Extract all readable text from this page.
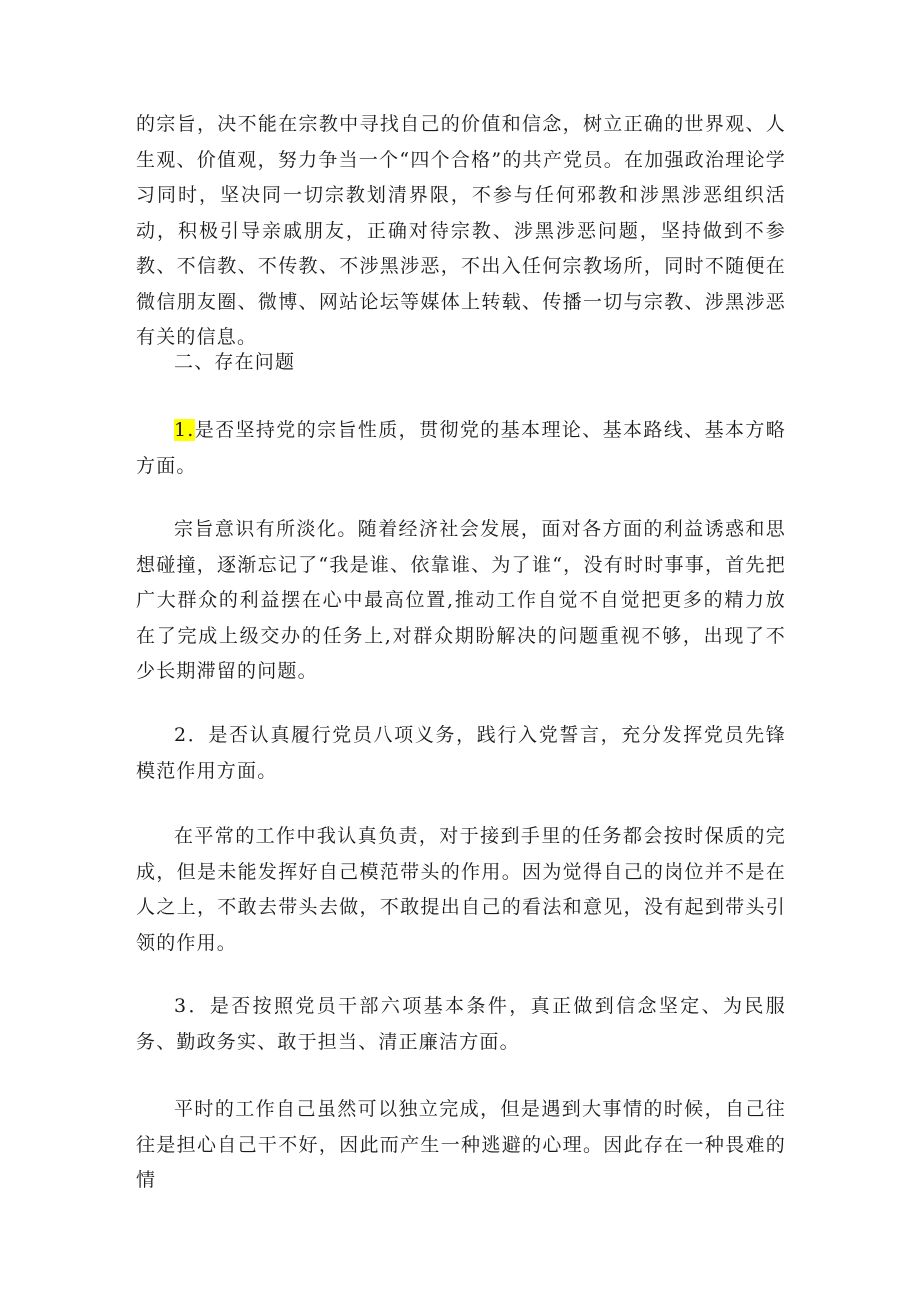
的宗旨，决不能在宗教中寻找自己的价值和信念，树立正确的世界观、人生观、价值观，努力争当一个“四个合格”的共产党员。在加强政治理论学习同时，坚决同一切宗教划清界限，不参与任何邪教和涉黑涉恶组织活动，积极引导亲戚朋友，正确对待宗教、涉黑涉恶问题，坚持做到不参教、不信教、不传教、不涉黑涉恶，不出入任何宗教场所，同时不随便在微信朋友圈、微博、网站论坛等媒体上转载、传播一切与宗教、涉黑涉恶有关的信息。

二、存在问题

1.是否坚持党的宗旨性质，贯彻党的基本理论、基本路线、基本方略方面。

宗旨意识有所淡化。随着经济社会发展，面对各方面的利益诱惑和思想碰撞，逐渐忘记了“我是谁、依靠谁、为了谁“，没有时时事事，首先把广大群众的利益摆在心中最高位置,推动工作自觉不自觉把更多的精力放在了完成上级交办的任务上,对群众期盼解决的问题重视不够，出现了不少长期滞留的问题。

2．是否认真履行党员八项义务，践行入党誓言，充分发挥党员先锋模范作用方面。

在平常的工作中我认真负责，对于接到手里的任务都会按时保质的完成，但是未能发挥好自己模范带头的作用。因为觉得自己的岗位并不是在人之上，不敢去带头去做，不敢提出自己的看法和意见，没有起到带头引领的作用。

3．是否按照党员干部六项基本条件，真正做到信念坚定、为民服务、勤政务实、敢于担当、清正廉洁方面。

平时的工作自己虽然可以独立完成，但是遇到大事情的时候，自己往往是担心自己干不好，因此而产生一种逃避的心理。因此存在一种畏难的情
